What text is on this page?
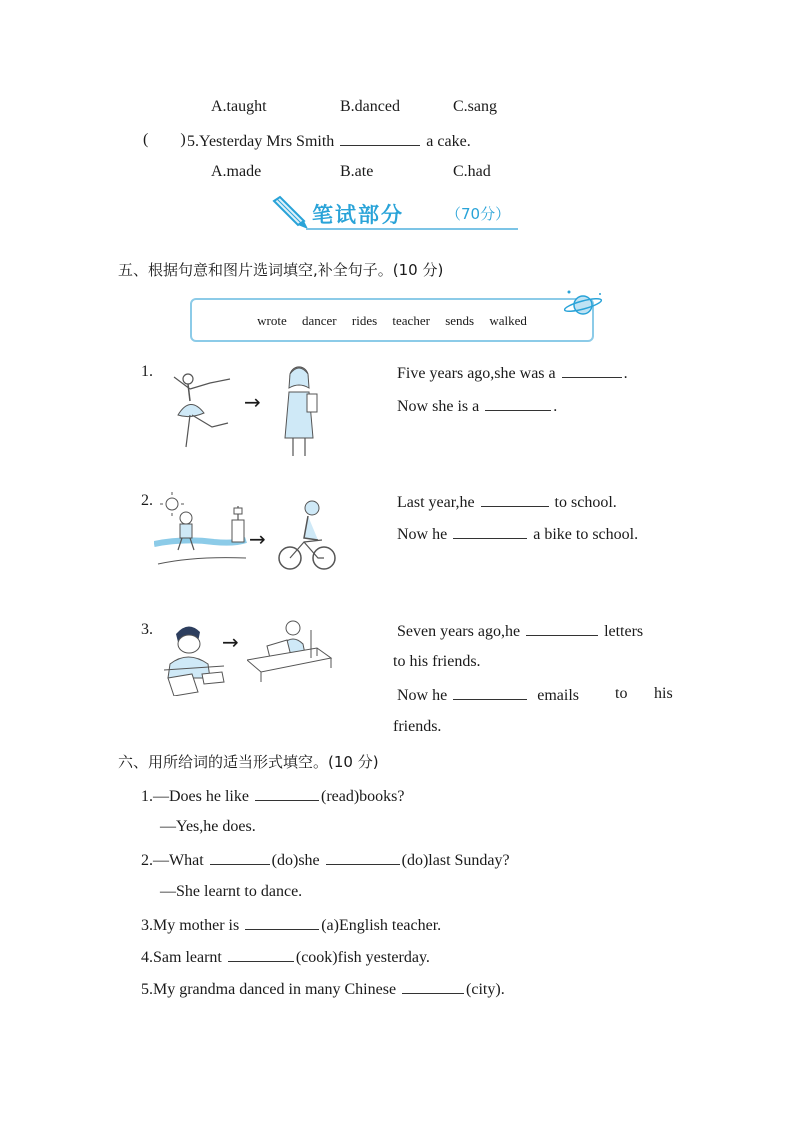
A.taught	B.danced	C.sang
(        ) 5.Yesterday Mrs Smith	a cake.
A.made	B.ate	C.had
笔试部分	（70分）
五、根据句意和图片选词填空,补全句子。(10 分)
wrote dancer rides teacher sends walked
1.
→
Five years ago,she was a	.
Now she is a	.
2.
→
Last year,he	to school.
Now he	a bike to school.
3.
→	Seven years ago,he	letters
to his friends.
Now he	emails to his
friends.
六、用所给词的适当形式填空。(10 分)
1.—Does he like	(read)books?
—Yes,he does.
2.—What	(do)she	(do)last Sunday?
—She learnt to dance.
3.My mother is	(a)English teacher.
4.Sam learnt	(cook)fish yesterday.
5.My grandma danced in many Chinese	(city).
